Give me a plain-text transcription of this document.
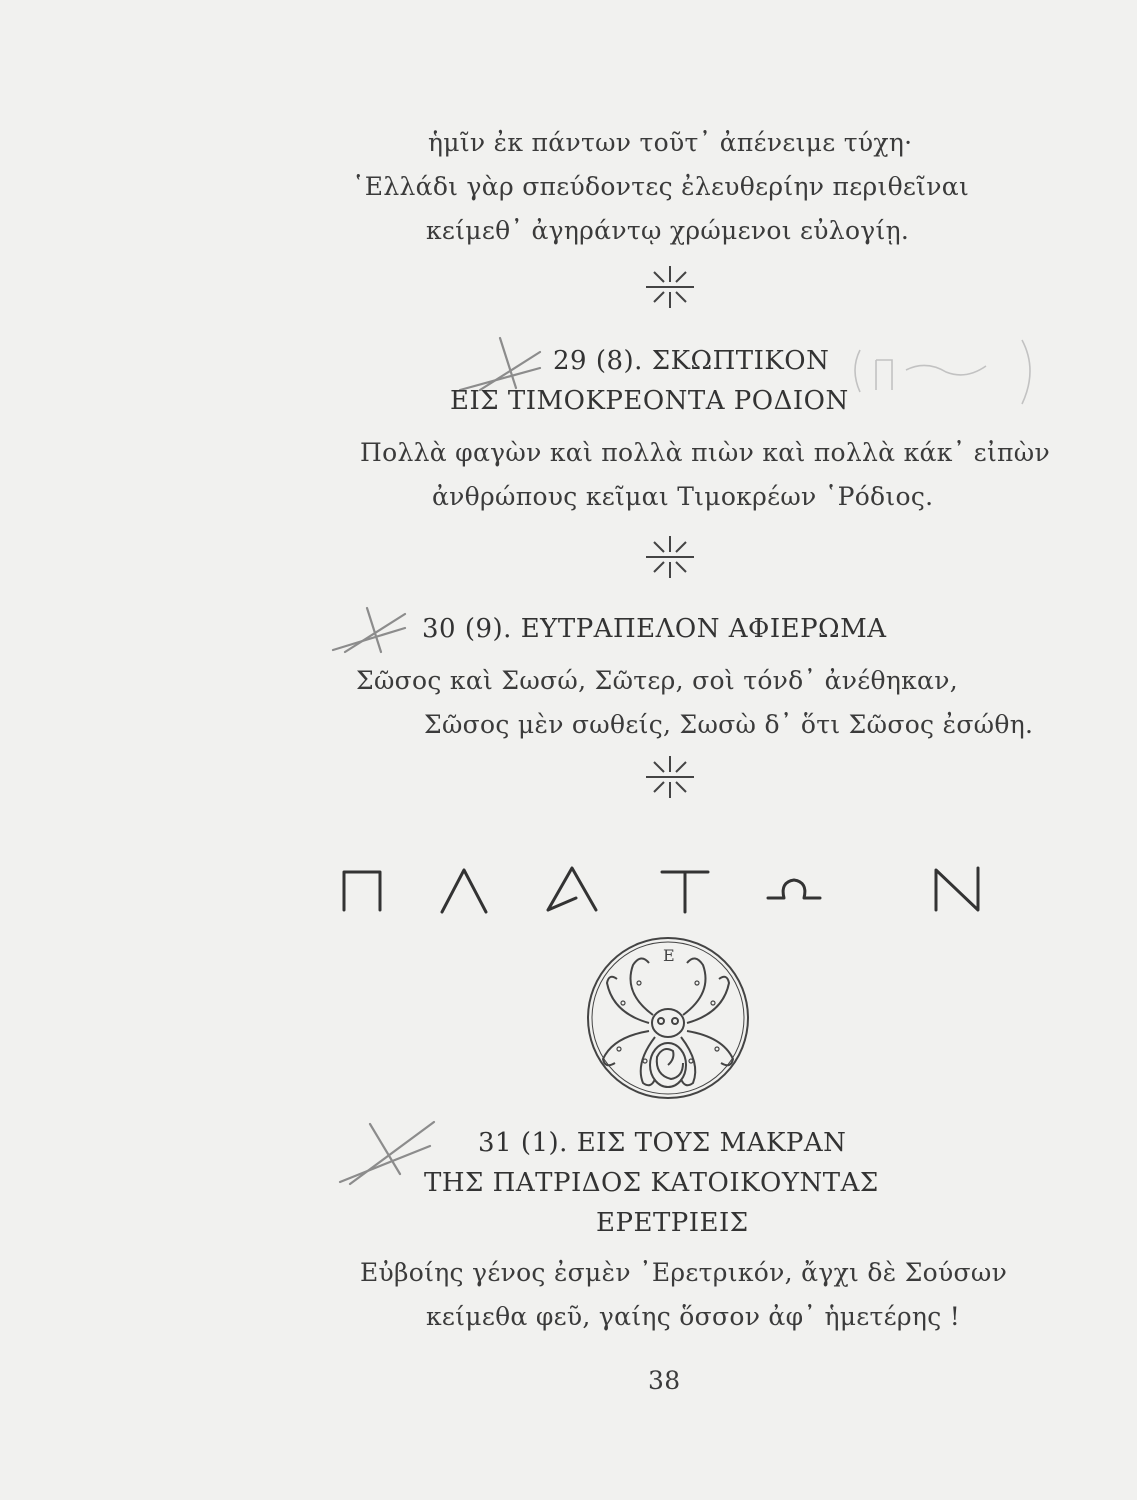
ἡμῖν ἐκ πάντων τοῦτ᾽ ἀπένειμε τύχη·
῾Ελλάδι γὰρ σπεύδοντες ἐλευθερίην περιθεῖναι
κείμεθ᾽ ἀγηράντῳ χρώμενοι εὐλογίῃ.
29 (8). ΣΚΩΠΤΙΚΟΝ
ΕΙΣ ΤΙΜΟΚΡΕΟΝΤΑ ΡΟΔΙΟΝ
Πολλὰ φαγὼν καὶ πολλὰ πιὼν καὶ πολλὰ κάκ᾽ εἰπὼν
ἀνθρώπους κεῖμαι Τιμοκρέων ῾Ρόδιος.
30 (9). ΕΥΤΡΑΠΕΛΟΝ ΑΦΙΕΡΩΜΑ
Σῶσος καὶ Σωσώ, Σῶτερ, σοὶ τόνδ᾽ ἀνέθηκαν,
Σῶσος μὲν σωθείς, Σωσὼ δ᾽ ὅτι Σῶσος ἐσώθη.
Ε
31 (1). ΕΙΣ ΤΟΥΣ ΜΑΚΡΑΝ
ΤΗΣ ΠΑΤΡΙΔΟΣ ΚΑΤΟΙΚΟΥΝΤΑΣ
ΕΡΕΤΡΙΕΙΣ
Εὐβοίης γένος ἐσμὲν ᾿Ερετρικόν, ἄγχι δὲ Σούσων
κείμεθα φεῦ, γαίης ὅσσον ἀφ᾽ ἡμετέρης !
38
